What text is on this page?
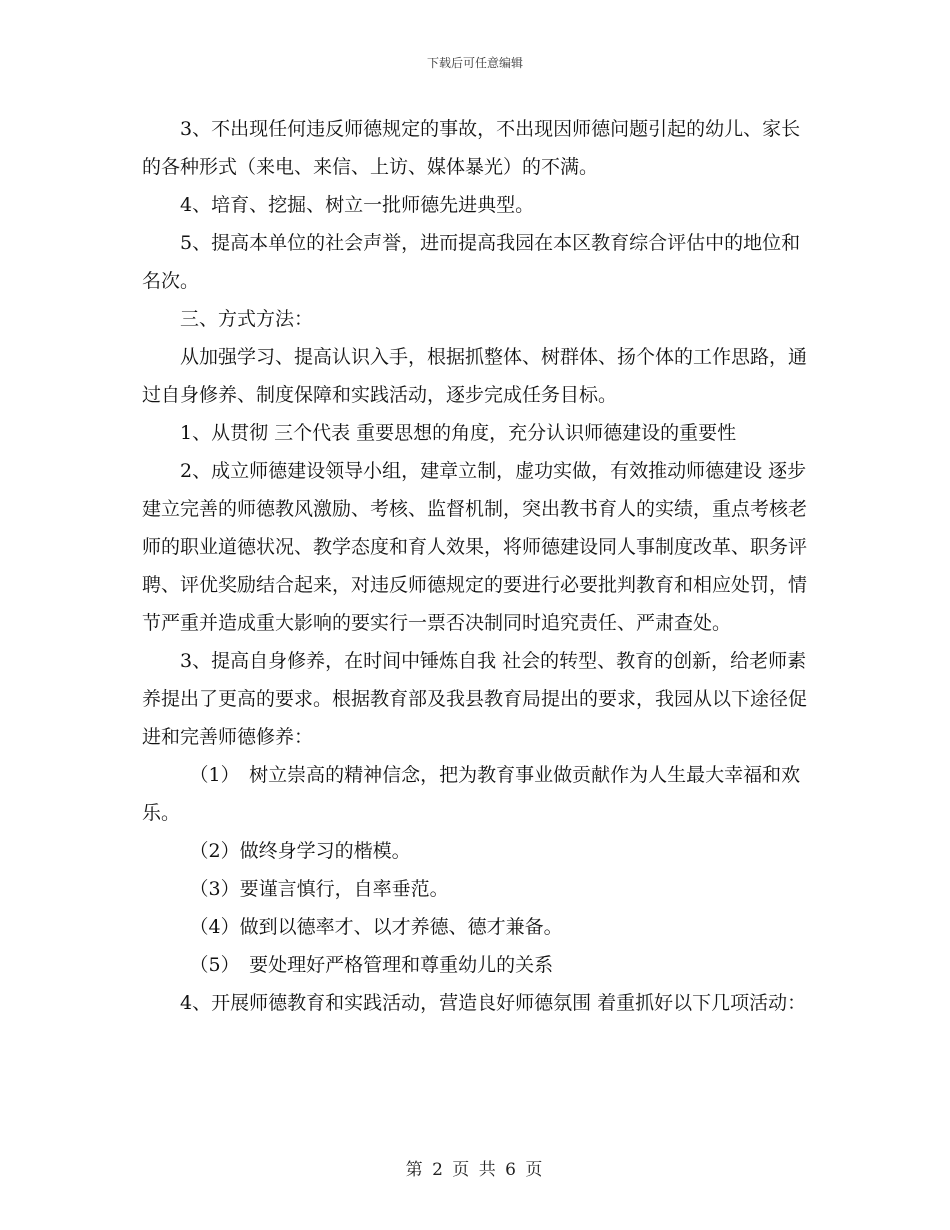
下载后可任意编辑

3、不出现任何违反师德规定的事故，不出现因师德问题引起的幼儿、家长的各种形式（来电、来信、上访、媒体暴光）的不满。

4、培育、挖掘、树立一批师德先进典型。

5、提高本单位的社会声誉，进而提高我园在本区教育综合评估中的地位和名次。

三、方式方法：

从加强学习、提高认识入手，根据抓整体、树群体、扬个体的工作思路，通过自身修养、制度保障和实践活动，逐步完成任务目标。

1、从贯彻 三个代表 重要思想的角度，充分认识师德建设的重要性

2、成立师德建设领导小组，建章立制，虚功实做，有效推动师德建设 逐步建立完善的师德教风激励、考核、监督机制，突出教书育人的实绩，重点考核老师的职业道德状况、教学态度和育人效果，将师德建设同人事制度改革、职务评聘、评优奖励结合起来，对违反师德规定的要进行必要批判教育和相应处罚，情节严重并造成重大影响的要实行一票否决制同时追究责任、严肃查处。

3、提高自身修养，在时间中锤炼自我 社会的转型、教育的创新，给老师素养提出了更高的要求。根据教育部及我县教育局提出的要求，我园从以下途径促进和完善师德修养：

（1）　树立崇高的精神信念，把为教育事业做贡献作为人生最大幸福和欢乐。

（2）做终身学习的楷模。

（3）要谨言慎行，自率垂范。

（4）做到以德率才、以才养德、德才兼备。

（5）　要处理好严格管理和尊重幼儿的关系

4、开展师德教育和实践活动，营造良好师德氛围 着重抓好以下几项活动：

第 2 页 共 6 页
